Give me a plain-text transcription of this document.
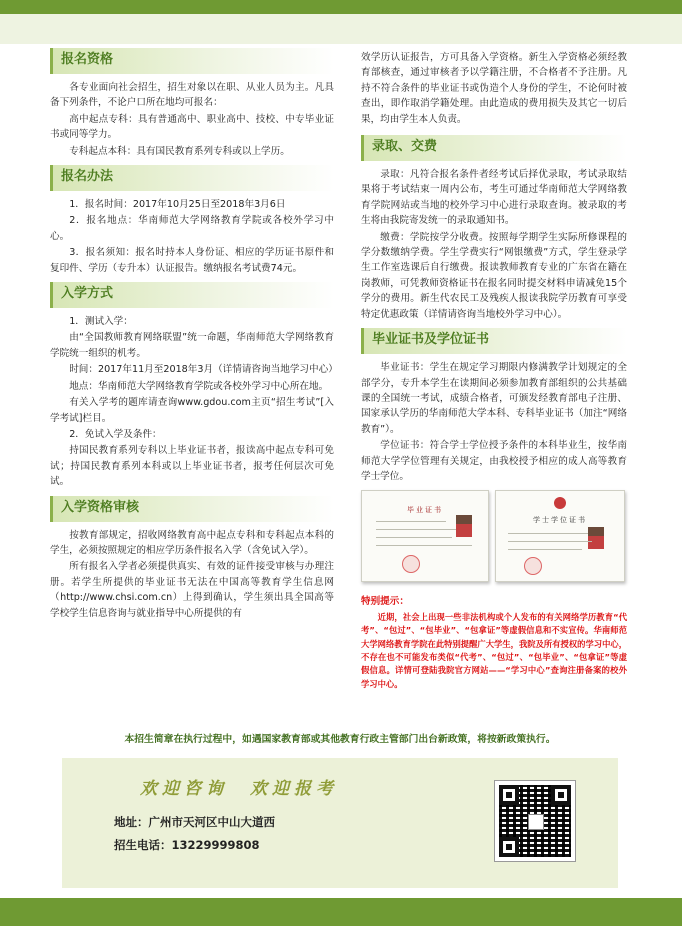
报名资格

各专业面向社会招生，招生对象以在职、从业人员为主。凡具备下列条件，不论户口所在地均可报名：

高中起点专科：具有普通高中、职业高中、技校、中专毕业证书或同等学力。

专科起点本科：具有国民教育系列专科或以上学历。

报名办法

1．报名时间：2017年10月25日至2018年3月6日

2．报名地点：华南师范大学网络教育学院或各校外学习中心。

3．报名须知：报名时持本人身份证、相应的学历证书原件和复印件、学历（专升本）认证报告。缴纳报名考试费74元。

入学方式

1．测试入学：

由“全国教师教育网络联盟”统一命题，华南师范大学网络教育学院统一组织的机考。

时间：2017年11月至2018年3月（详情请咨询当地学习中心）

地点：华南师范大学网络教育学院或各校外学习中心所在地。

有关入学考的题库请查询www.gdou.com主页“招生考试”[入学考试]栏目。

2．免试入学及条件：

持国民教育系列专科以上毕业证书者，报读高中起点专科可免试；持国民教育系列本科或以上毕业证书者，报考任何层次可免试。

入学资格审核

按教育部规定，招收网络教育高中起点专科和专科起点本科的学生，必须按照规定的相应学历条件报名入学（含免试入学）。

所有报名入学者必须提供真实、有效的证件接受审核与办理注册。若学生所提供的毕业证书无法在中国高等教育学生信息网（http://www.chsi.com.cn）上得到确认，学生须出具全国高等学校学生信息咨询与就业指导中心所提供的有

效学历认证报告，方可具备入学资格。新生入学资格必须经教育部核查，通过审核者予以学籍注册，不合格者不予注册。凡持不符合条件的毕业证书或伪造个人身份的学生，不论何时被查出，即作取消学籍处理。由此造成的费用损失及其它一切后果，均由学生本人负责。

录取、交费

录取：凡符合报名条件者经考试后择优录取，考试录取结果将于考试结束一周内公布，考生可通过华南师范大学网络教育学院网站或当地的校外学习中心进行录取查询。被录取的考生将由我院寄发统一的录取通知书。

缴费：学院按学分收费。按照每学期学生实际所修课程的学分数缴纳学费。学生学费实行“网银缴费”方式，学生登录学生工作室选课后自行缴费。报读教师教育专业的广东省在籍在岗教师，可凭教师资格证书在报名同时提交材料申请减免15个学分的费用。新生代农民工及残疾人报读我院学历教育可享受特定优惠政策（详情请咨询当地校外学习中心）。

毕业证书及学位证书

毕业证书：学生在规定学习期限内修满教学计划规定的全部学分，专升本学生在读期间必须参加教育部组织的公共基础课的全国统一考试，成绩合格者，可颁发经教育部电子注册、国家承认学历的华南师范大学本科、专科毕业证书（加注“网络教育”）。

学位证书：符合学士学位授予条件的本科毕业生，按华南师范大学学位管理有关规定，由我校授予相应的成人高等教育学士学位。

毕业证书
学士学位证书
特别提示：

近期，社会上出现一些非法机构或个人发布的有关网络学历教育“代考”、“包过”、“包毕业”、“包拿证”等虚假信息和不实宣传。华南师范大学网络教育学院在此特别提醒广大学生，我院及所有授权的学习中心，不存在也不可能发布类似“代考”、“包过”、“包毕业”、“包拿证”等虚假信息。详情可登陆我院官方网站——“学习中心”查询注册备案的校外学习中心。

本招生简章在执行过程中，如遇国家教育部或其他教育行政主管部门出台新政策，将按新政策执行。
欢迎咨询　欢迎报考
地址：广州市天河区中山大道西
招生电话：13229999808
